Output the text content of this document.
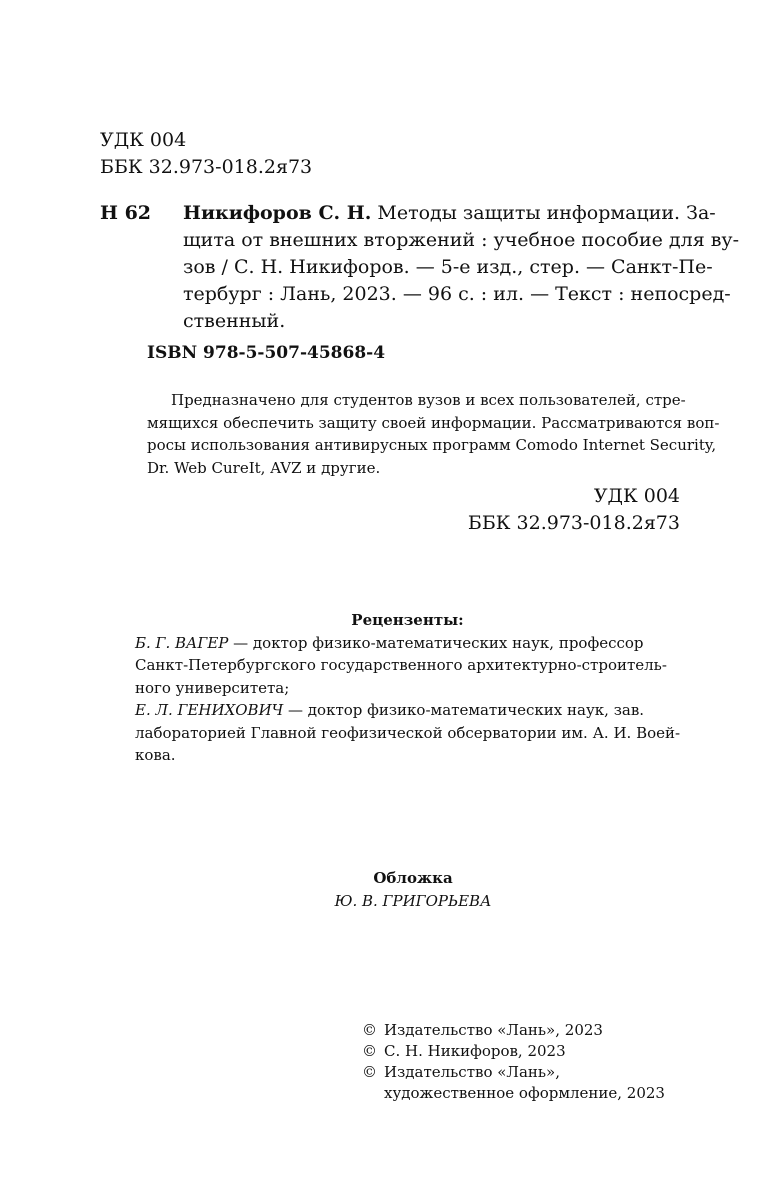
УДК 004
ББК 32.973-018.2я73
Н 62 Никифоров С. Н. Методы защиты информации. За-
щита от внешних вторжений : учебное пособие для ву-
зов / С. Н. Никифоров. — 5-е изд., стер. — Санкт-Пе-
тербург : Лань, 2023. — 96 с. : ил. — Текст : непосред-
ственный.
ISBN 978-5-507-45868-4
Предназначено для студентов вузов и всех пользователей, стре-
мящихся обеспечить защиту своей информации. Рассматриваются воп-
росы использования антивирусных программ Comodo Internet Security,
Dr. Web CureIt, AVZ и другие.
УДК 004
ББК 32.973-018.2я73
Рецензенты:
Б. Г. ВАГЕР — доктор физико-математических наук, профессор
Санкт-Петербургского государственного архитектурно-строитель-
ного университета;
Е. Л. ГЕНИХОВИЧ — доктор физико-математических наук, зав.
лабораторией Главной геофизической обсерватории им. А. И. Воей-
кова.
Обложка
Ю. В. ГРИГОРЬЕВА
© Издательство «Лань», 2023
© С. Н. Никифоров, 2023
© Издательство «Лань»,
художественное оформление, 2023
